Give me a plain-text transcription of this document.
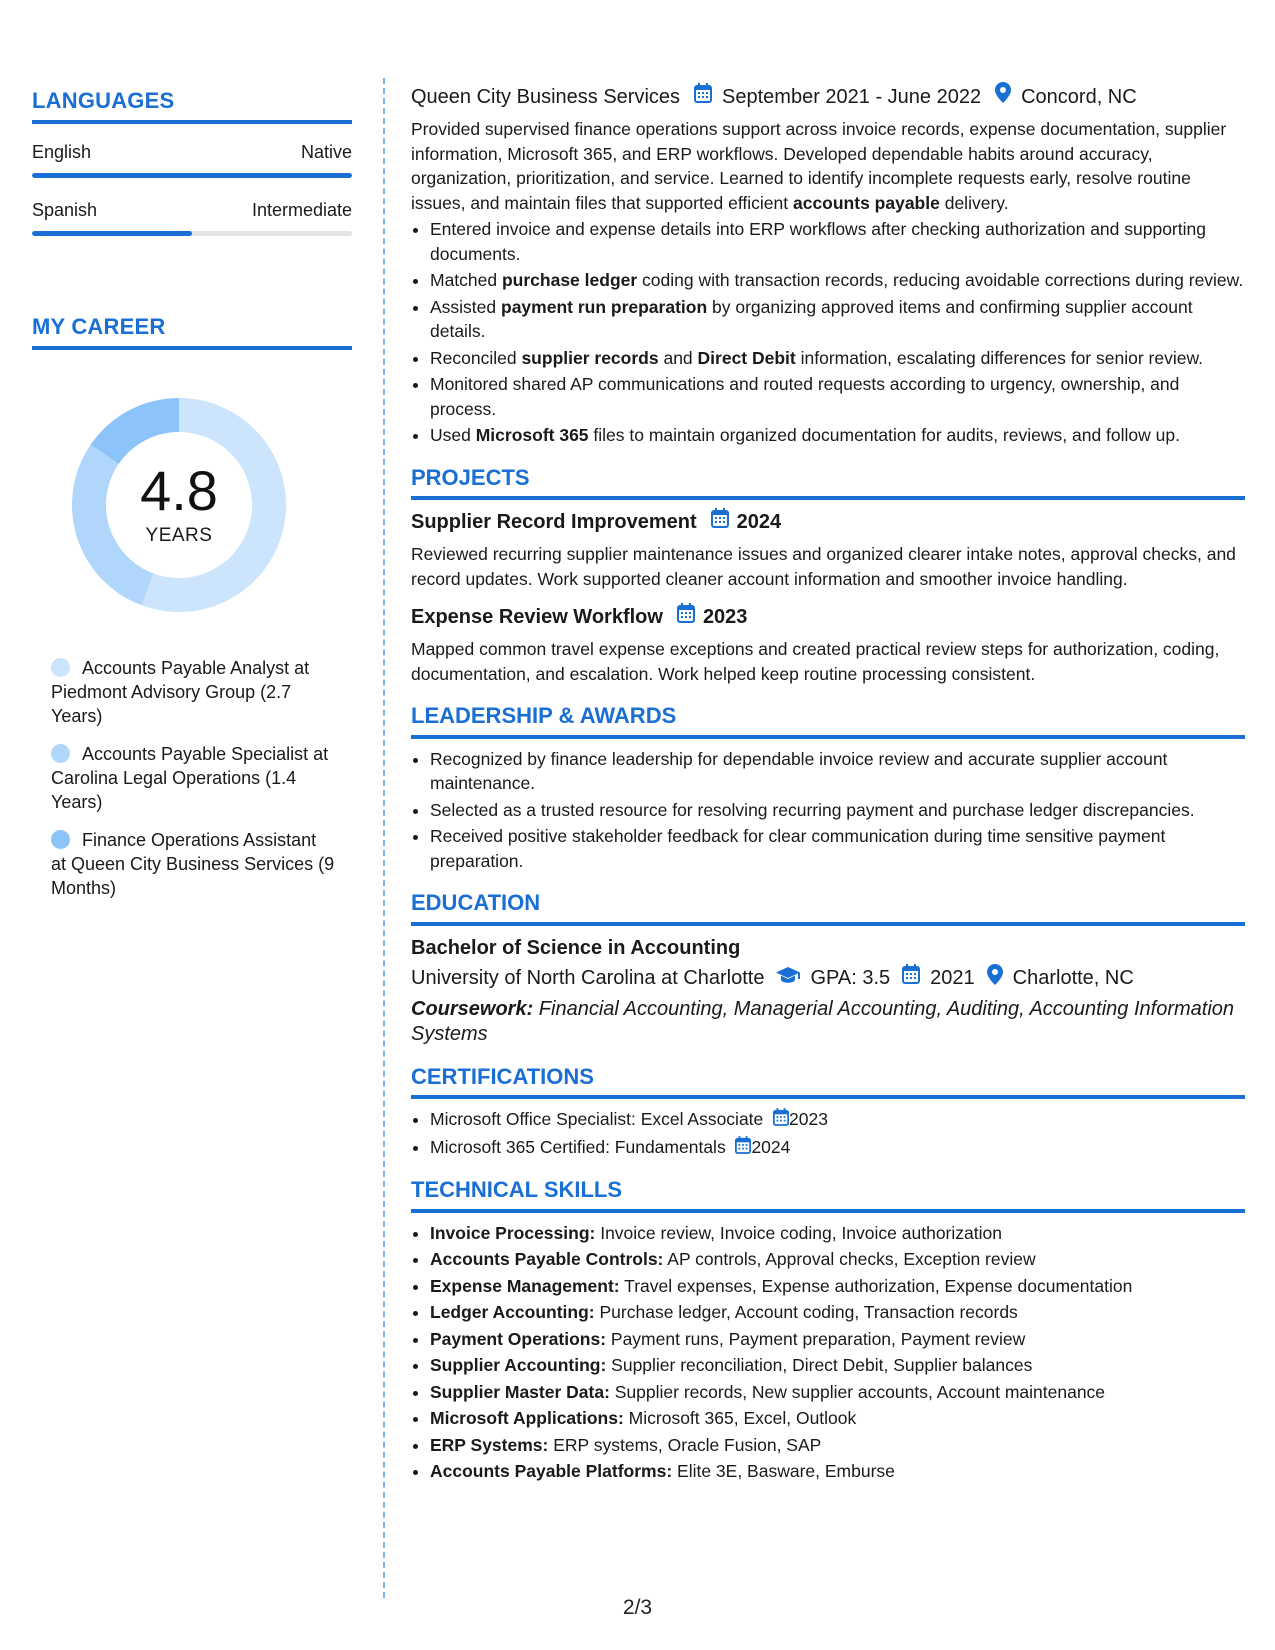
LANGUAGES
English	Native
Spanish	Intermediate
MY CAREER
4.8
YEARS
Accounts Payable Analyst at Piedmont Advisory Group (2.7 Years)
Accounts Payable Specialist at Carolina Legal Operations (1.4 Years)
Finance Operations Assistant at Queen City Business Services (9 Months)
Queen City Business Services September 2021 - June 2022 Concord, NC
Provided supervised finance operations support across invoice records, expense documentation, supplier information, Microsoft 365, and ERP workflows. Developed dependable habits around accuracy, organization, prioritization, and service. Learned to identify incomplete requests early, resolve routine issues, and maintain files that supported efficient accounts payable delivery.
• Entered invoice and expense details into ERP workflows after checking authorization and supporting documents.
• Matched purchase ledger coding with transaction records, reducing avoidable corrections during review.
• Assisted payment run preparation by organizing approved items and confirming supplier account details.
• Reconciled supplier records and Direct Debit information, escalating differences for senior review.
• Monitored shared AP communications and routed requests according to urgency, ownership, and process.
• Used Microsoft 365 files to maintain organized documentation for audits, reviews, and follow up.
PROJECTS
Supplier Record Improvement 2024
Reviewed recurring supplier maintenance issues and organized clearer intake notes, approval checks, and record updates. Work supported cleaner account information and smoother invoice handling.
Expense Review Workflow 2023
Mapped common travel expense exceptions and created practical review steps for authorization, coding, documentation, and escalation. Work helped keep routine processing consistent.
LEADERSHIP & AWARDS
• Recognized by finance leadership for dependable invoice review and accurate supplier account maintenance.
• Selected as a trusted resource for resolving recurring payment and purchase ledger discrepancies.
• Received positive stakeholder feedback for clear communication during time sensitive payment preparation.
EDUCATION
Bachelor of Science in Accounting
University of North Carolina at Charlotte GPA: 3.5 2021 Charlotte, NC
Coursework: Financial Accounting, Managerial Accounting, Auditing, Accounting Information Systems
CERTIFICATIONS
• Microsoft Office Specialist: Excel Associate 2023
• Microsoft 365 Certified: Fundamentals 2024
TECHNICAL SKILLS
• Invoice Processing: Invoice review, Invoice coding, Invoice authorization
• Accounts Payable Controls: AP controls, Approval checks, Exception review
• Expense Management: Travel expenses, Expense authorization, Expense documentation
• Ledger Accounting: Purchase ledger, Account coding, Transaction records
• Payment Operations: Payment runs, Payment preparation, Payment review
• Supplier Accounting: Supplier reconciliation, Direct Debit, Supplier balances
• Supplier Master Data: Supplier records, New supplier accounts, Account maintenance
• Microsoft Applications: Microsoft 365, Excel, Outlook
• ERP Systems: ERP systems, Oracle Fusion, SAP
• Accounts Payable Platforms: Elite 3E, Basware, Emburse
2/3
